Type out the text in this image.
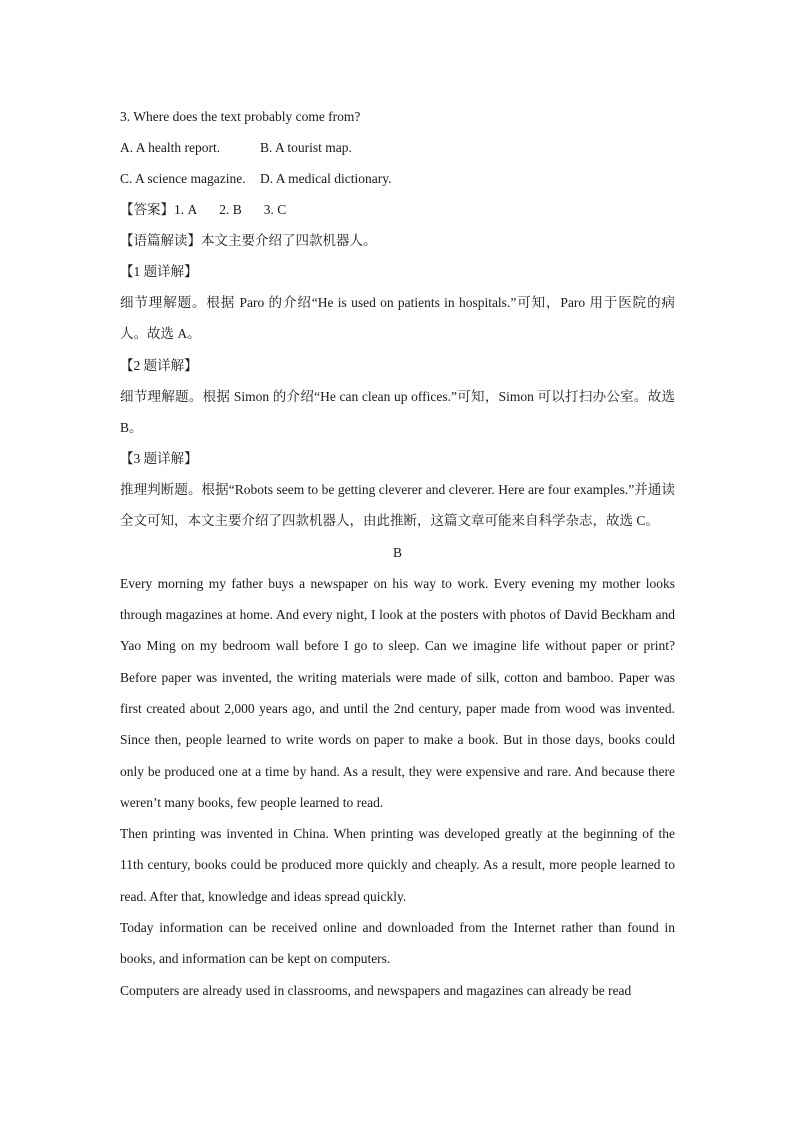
3. Where does the text probably come from?
A. A health report.	B. A tourist map.
C. A science magazine. D. A medical dictionary.
【答案】1. A 2. B 3. C
【语篇解读】本文主要介绍了四款机器人。
【1 题详解】

细节理解题。根据 Paro 的介绍“He is used on patients in hospitals.”可知，Paro 用于医院的病人。故选 A。

【2 题详解】

细节理解题。根据 Simon 的介绍“He can clean up offices.”可知，Simon 可以打扫办公室。故选 B。

【3 题详解】

推理判断题。根据“Robots seem to be getting cleverer and cleverer. Here are four examples.”并通读全文可知，本文主要介绍了四款机器人，由此推断，这篇文章可能来自科学杂志，故选 C。

B

Every morning my father buys a newspaper on his way to work. Every evening my mother looks through magazines at home. And every night, I look at the posters with photos of David Beckham and Yao Ming on my bedroom wall before I go to sleep. Can we imagine life without paper or print? Before paper was invented, the writing materials were made of silk, cotton and bamboo. Paper was first created about 2,000 years ago, and until the 2nd century, paper made from wood was invented. Since then, people learned to write words on paper to make a book. But in those days, books could only be produced one at a time by hand. As a result, they were expensive and rare. And because there weren’t many books, few people learned to read.

Then printing was invented in China. When printing was developed greatly at the beginning of the 11th century, books could be produced more quickly and cheaply. As a result, more people learned to read. After that, knowledge and ideas spread quickly.

Today information can be received online and downloaded from the Internet rather than found in books, and information can be kept on computers.

Computers are already used in classrooms, and newspapers and magazines can already be read
